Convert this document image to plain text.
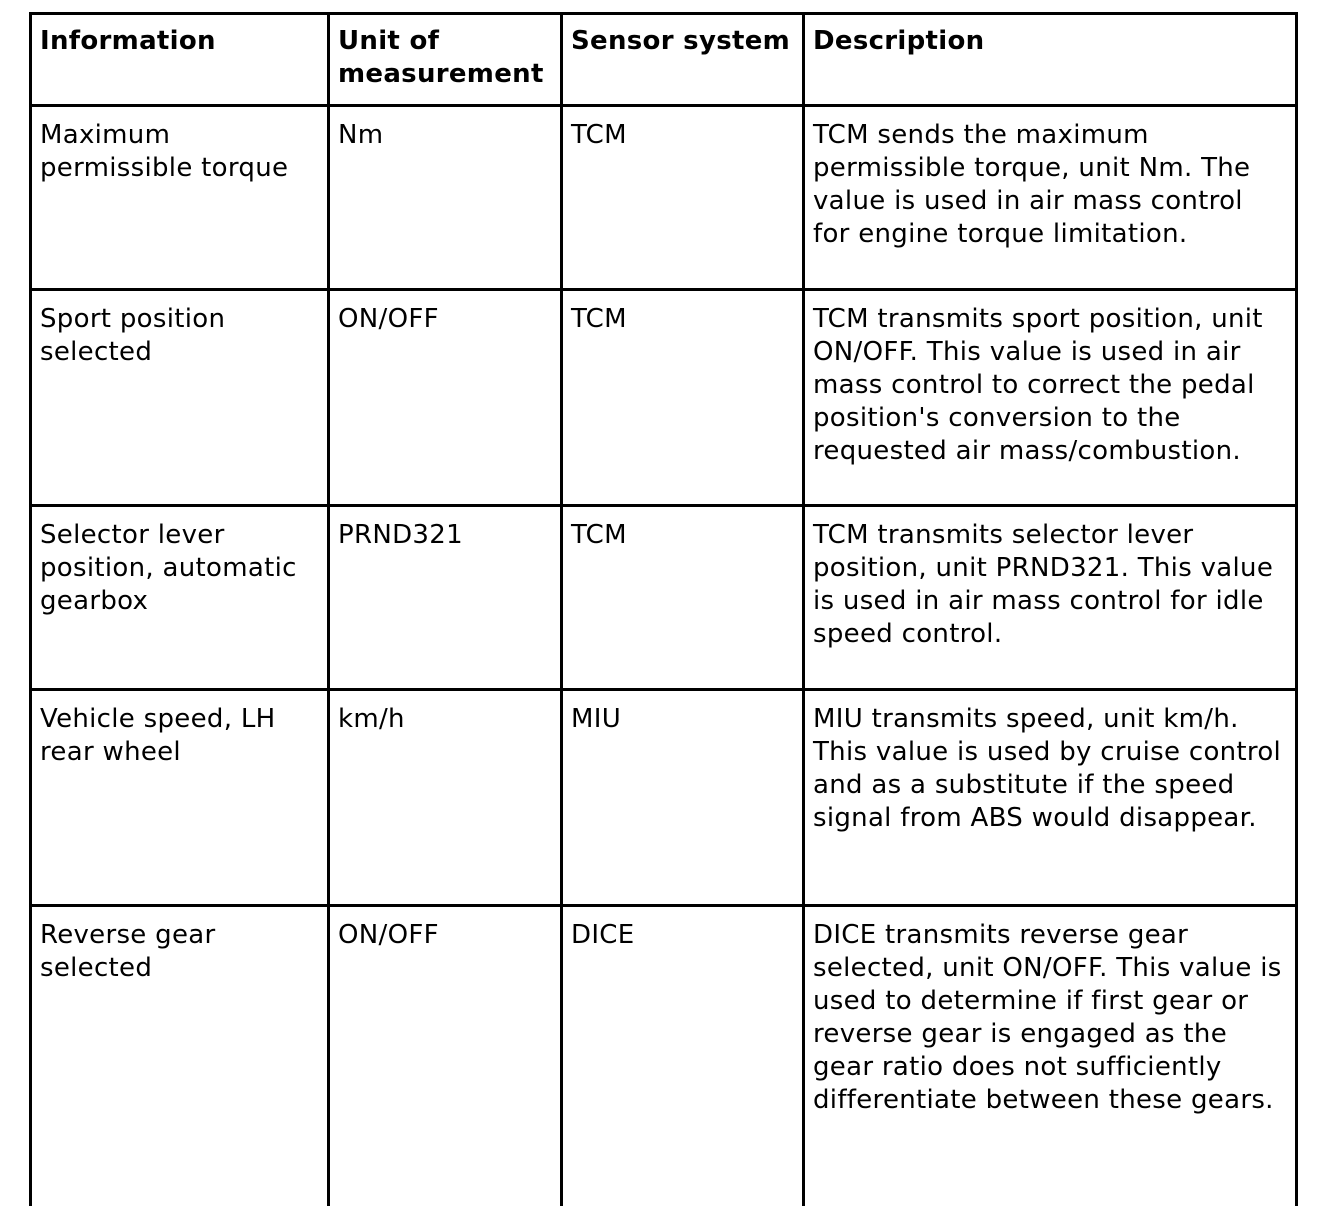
Information	Unit of measurement	Sensor system	Description
Maximum permissible torque	Nm	TCM	TCM sends the maximum permissible torque, unit Nm. The value is used in air mass control for engine torque limitation.
Sport position selected	ON/OFF	TCM	TCM transmits sport position, unit ON/OFF. This value is used in air mass control to correct the pedal position's conversion to the requested air mass/combustion.
Selector lever position, automatic gearbox	PRND321	TCM	TCM transmits selector lever position, unit PRND321. This value is used in air mass control for idle speed control.
Vehicle speed, LH rear wheel	km/h	MIU	MIU transmits speed, unit km/h. This value is used by cruise control and as a substitute if the speed signal from ABS would disappear.
Reverse gear selected	ON/OFF	DICE	DICE transmits reverse gear selected, unit ON/OFF. This value is used to determine if first gear or reverse gear is engaged as the gear ratio does not sufficiently differentiate between these gears.
